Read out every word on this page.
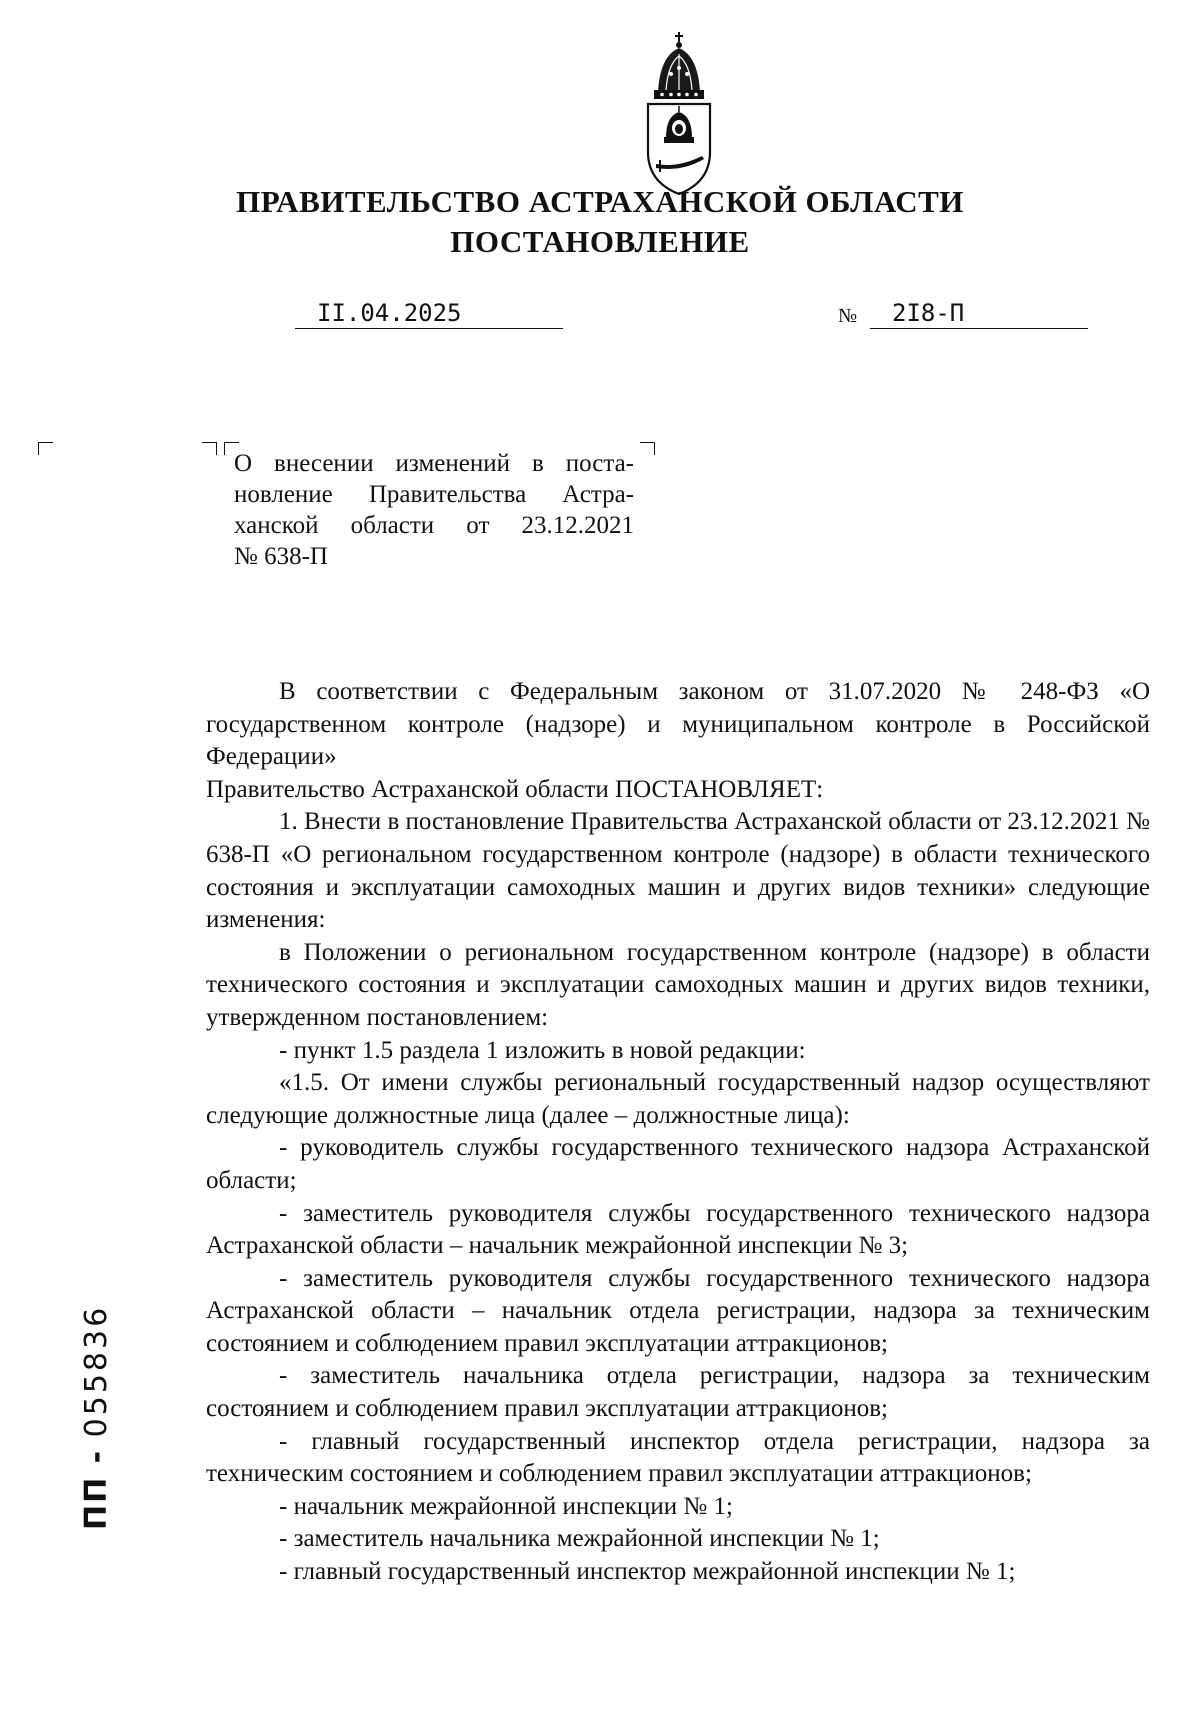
ПРАВИТЕЛЬСТВО АСТРАХАНСКОЙ ОБЛАСТИ
ПОСТАНОВЛЕНИЕ
II.04.2025	№	2I8-П
О внесении изменений в поста-
новление Правительства Астра-
ханской области от 23.12.2021
№ 638-П

В соответствии с Федеральным законом от 31.07.2020 № 248-ФЗ «О государственном контроле (надзоре) и муниципальном контроле в Российской Федерации»

Правительство Астраханской области ПОСТАНОВЛЯЕТ:

1. Внести в постановление Правительства Астраханской области от 23.12.2021 № 638-П «О региональном государственном контроле (надзоре) в области технического состояния и эксплуатации самоходных машин и других видов техники» следующие изменения:

в Положении о региональном государственном контроле (надзоре) в области технического состояния и эксплуатации самоходных машин и других видов техники, утвержденном постановлением:

- пункт 1.5 раздела 1 изложить в новой редакции:

«1.5. От имени службы региональный государственный надзор осуществляют следующие должностные лица (далее – должностные лица):

- руководитель службы государственного технического надзора Астраханской области;

- заместитель руководителя службы государственного технического надзора Астраханской области – начальник межрайонной инспекции № 3;

- заместитель руководителя службы государственного технического надзора Астраханской области – начальник отдела регистрации, надзора за техническим состоянием и соблюдением правил эксплуатации аттракционов;

- заместитель начальника отдела регистрации, надзора за техническим состоянием и соблюдением правил эксплуатации аттракционов;

- главный государственный инспектор отдела регистрации, надзора за техническим состоянием и соблюдением правил эксплуатации аттракционов;

- начальник межрайонной инспекции № 1;

- заместитель начальника межрайонной инспекции № 1;

- главный государственный инспектор межрайонной инспекции № 1;

ПП - 055836
